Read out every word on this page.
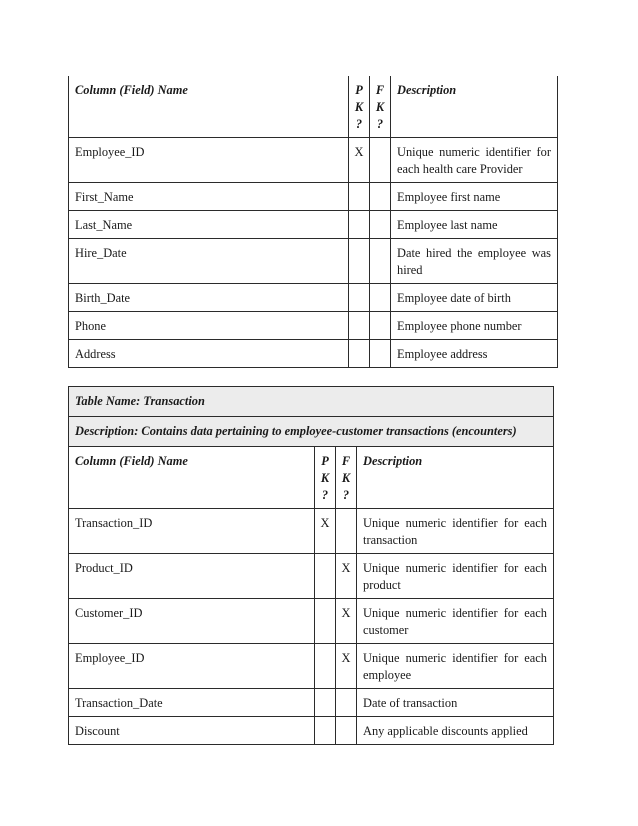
Column (Field) Name	P
K
?	F
K
?	Description
Employee_ID	X		Unique numeric identifier for each health care Provider
First_Name			Employee first name
Last_Name			Employee last name
Hire_Date			Date hired the employee was hired
Birth_Date			Employee date of birth
Phone			Employee phone number
Address			Employee address
Table Name: Transaction			
Description: Contains data pertaining to employee-customer transactions (encounters)			
Column (Field) Name	P
K
?	F
K
?	Description
Transaction_ID	X		Unique numeric identifier for each transaction
Product_ID		X	Unique numeric identifier for each product
Customer_ID		X	Unique numeric identifier for each customer
Employee_ID		X	Unique numeric identifier for each employee
Transaction_Date			Date of transaction
Discount			Any applicable discounts applied
